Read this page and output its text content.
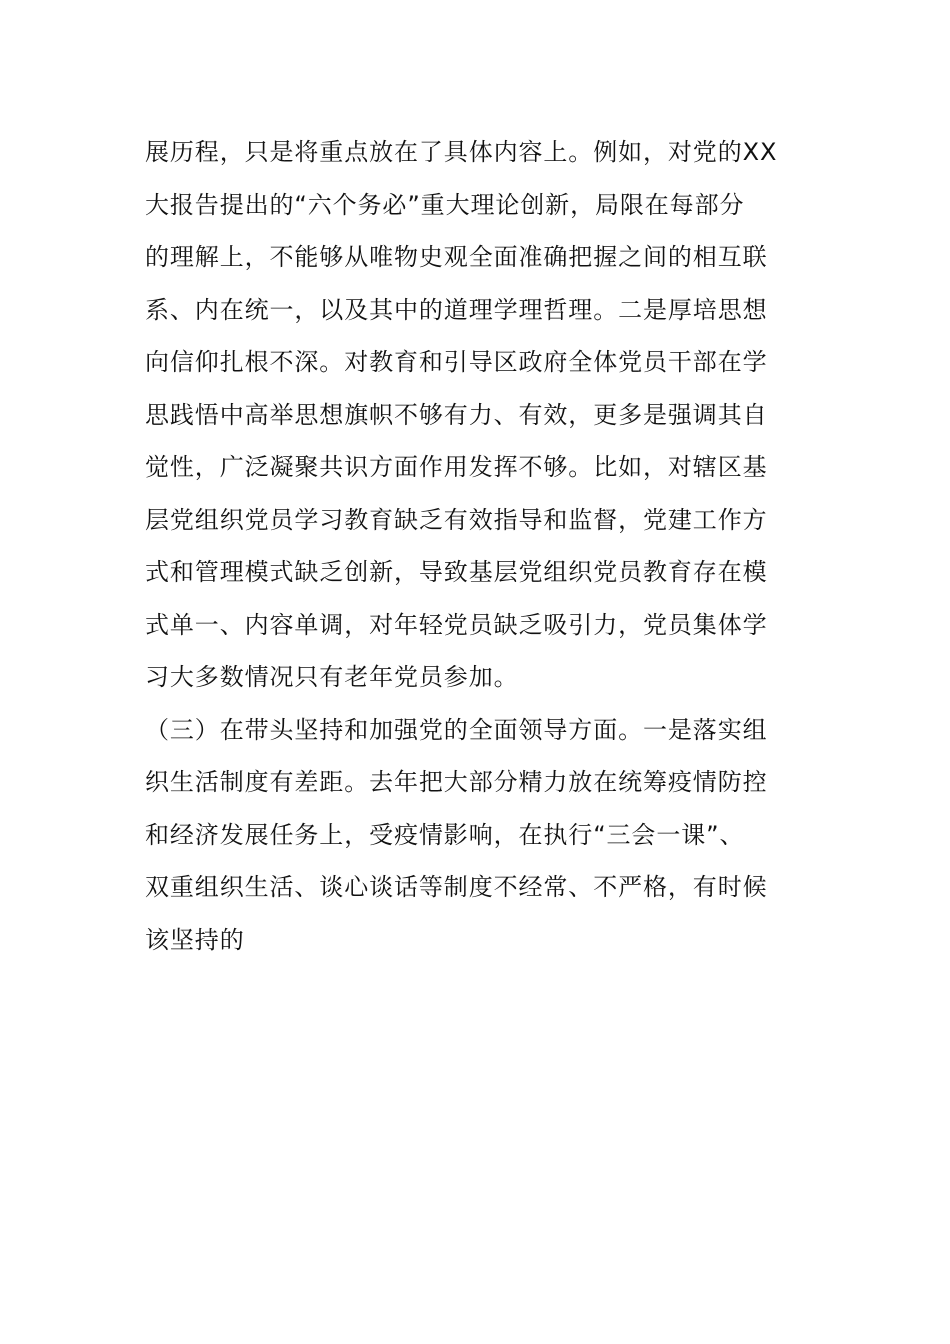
展历程，只是将重点放在了具体内容上。例如，对党的XX
大报告提出的“六个务必”重大理论创新，局限在每部分
的理解上，不能够从唯物史观全面准确把握之间的相互联
系、内在统一，以及其中的道理学理哲理。二是厚培思想
向信仰扎根不深。对教育和引导区政府全体党员干部在学
思践悟中高举思想旗帜不够有力、有效，更多是强调其自
觉性，广泛凝聚共识方面作用发挥不够。比如，对辖区基
层党组织党员学习教育缺乏有效指导和监督，党建工作方
式和管理模式缺乏创新，导致基层党组织党员教育存在模
式单一、内容单调，对年轻党员缺乏吸引力，党员集体学
习大多数情况只有老年党员参加。
（三）在带头坚持和加强党的全面领导方面。一是落实组
织生活制度有差距。去年把大部分精力放在统筹疫情防控
和经济发展任务上，受疫情影响，在执行“三会一课”、
双重组织生活、谈心谈话等制度不经常、不严格，有时候
该坚持的
